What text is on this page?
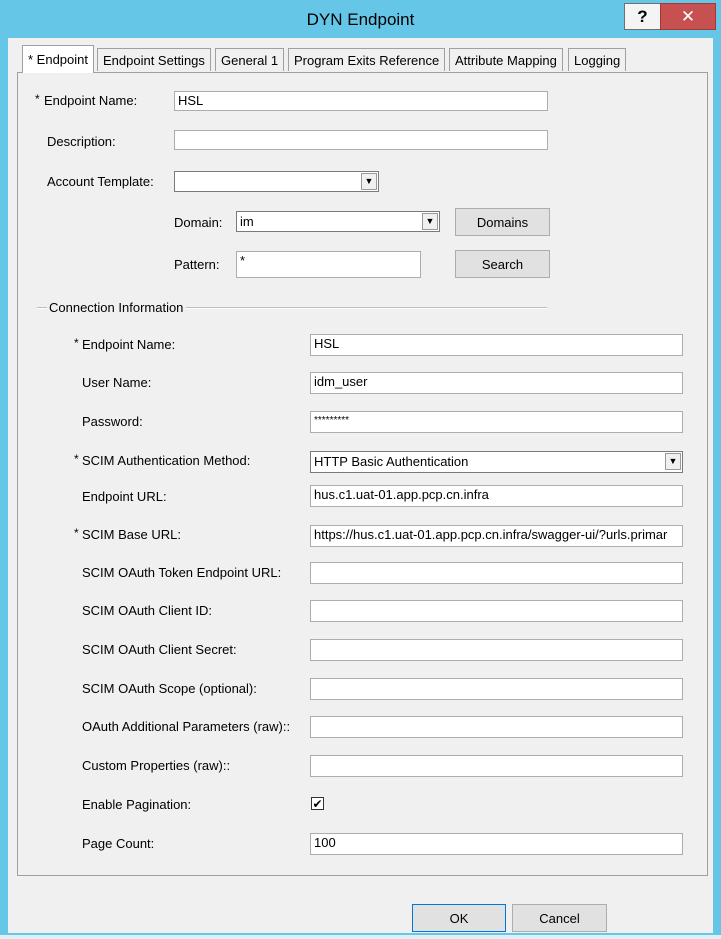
DYN Endpoint	?	✕
* Endpoint	Endpoint Settings	General 1	Program Exits Reference	Attribute Mapping	Logging
* Endpoint Name:	HSL
Description:
Account Template:	▼
Domain:	im	▼	Domains
Pattern:	*	Search
Connection Information
* Endpoint Name:	HSL
User Name:	idm_user
Password:	*********
* SCIM Authentication Method:	HTTP Basic Authentication	▼
Endpoint URL:	hus.c1.uat-01.app.pcp.cn.infra
* SCIM Base URL:	https://hus.c1.uat-01.app.pcp.cn.infra/swagger-ui/?urls.primar
SCIM OAuth Token Endpoint URL:
SCIM OAuth Client ID:
SCIM OAuth Client Secret:
SCIM OAuth Scope (optional):
OAuth Additional Parameters (raw)::
Custom Properties (raw)::
Enable Pagination:	✔
Page Count:	100
OK	Cancel
